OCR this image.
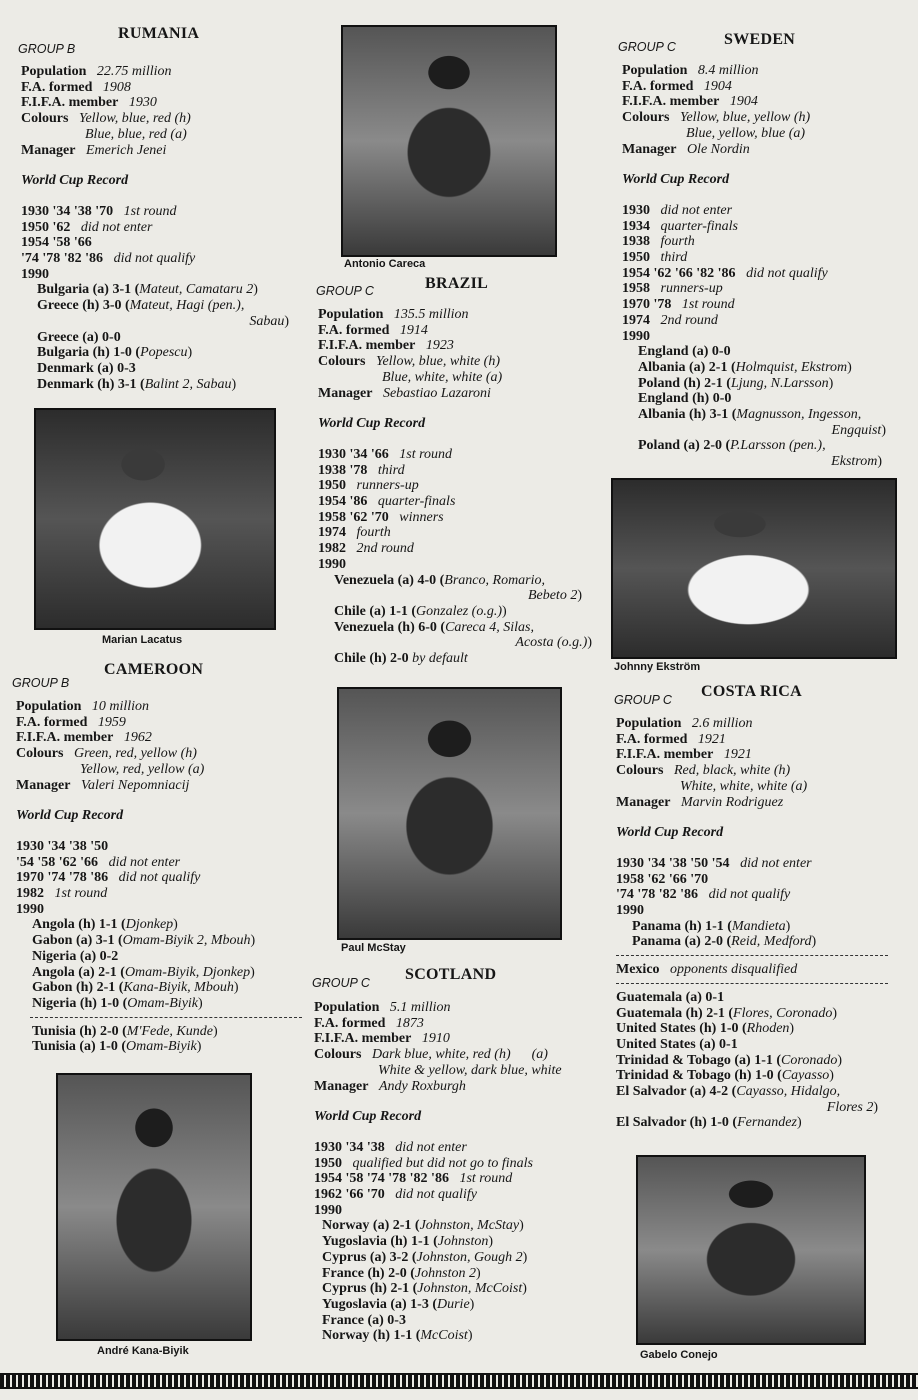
RUMANIA
GROUP B
Population 22.75 million
F.A. formed 1908
F.I.F.A. member 1930
Colours Yellow, blue, red (h)
Blue, blue, red (a)
Manager Emerich Jenei
World Cup Record
1930 '34 '38 '70 1st round
1950 '62 did not enter
1954 '58 '66
'74 '78 '82 '86 did not qualify
1990
Bulgaria (a) 3-1 (Mateut, Camataru 2)
Greece (h) 3-0 (Mateut, Hagi (pen.),
Sabau)
Greece (a) 0-0
Bulgaria (h) 1-0 (Popescu)
Denmark (a) 0-3
Denmark (h) 3-1 (Balint 2, Sabau)
Marian Lacatus
Antonio Careca
BRAZIL
GROUP C
Population 135.5 million
F.A. formed 1914
F.I.F.A. member 1923
Colours Yellow, blue, white (h)
Blue, white, white (a)
Manager Sebastiao Lazaroni
World Cup Record
1930 '34 '66 1st round
1938 '78 third
1950 runners-up
1954 '86 quarter-finals
1958 '62 '70 winners
1974 fourth
1982 2nd round
1990
Venezuela (a) 4-0 (Branco, Romario,
Bebeto 2)
Chile (a) 1-1 (Gonzalez (o.g.))
Venezuela (h) 6-0 (Careca 4, Silas,
Acosta (o.g.))
Chile (h) 2-0 by default
SWEDEN
GROUP C
Population 8.4 million
F.A. formed 1904
F.I.F.A. member 1904
Colours Yellow, blue, yellow (h)
Blue, yellow, blue (a)
Manager Ole Nordin
World Cup Record
1930 did not enter
1934 quarter-finals
1938 fourth
1950 third
1954 '62 '66 '82 '86 did not qualify
1958 runners-up
1970 '78 1st round
1974 2nd round
1990
England (a) 0-0
Albania (a) 2-1 (Holmquist, Ekstrom)
Poland (h) 2-1 (Ljung, N.Larsson)
England (h) 0-0
Albania (h) 3-1 (Magnusson, Ingesson,
Engquist)
Poland (a) 2-0 (P.Larsson (pen.),
Ekstrom)
Johnny Ekström
CAMEROON
GROUP B
Population 10 million
F.A. formed 1959
F.I.F.A. member 1962
Colours Green, red, yellow (h)
Yellow, red, yellow (a)
Manager Valeri Nepomniacij
World Cup Record
1930 '34 '38 '50
'54 '58 '62 '66 did not enter
1970 '74 '78 '86 did not qualify
1982 1st round
1990
Angola (h) 1-1 (Djonkep)
Gabon (a) 3-1 (Omam-Biyik 2, Mbouh)
Nigeria (a) 0-2
Angola (a) 2-1 (Omam-Biyik, Djonkep)
Gabon (h) 2-1 (Kana-Biyik, Mbouh)
Nigeria (h) 1-0 (Omam-Biyik)
Tunisia (h) 2-0 (M'Fede, Kunde)
Tunisia (a) 1-0 (Omam-Biyik)
André Kana-Biyik
Paul McStay
SCOTLAND
GROUP C
Population 5.1 million
F.A. formed 1873
F.I.F.A. member 1910
Colours Dark blue, white, red (h) (a)
White & yellow, dark blue, white
Manager Andy Roxburgh
World Cup Record
1930 '34 '38 did not enter
1950 qualified but did not go to finals
1954 '58 '74 '78 '82 '86 1st round
1962 '66 '70 did not qualify
1990
Norway (a) 2-1 (Johnston, McStay)
Yugoslavia (h) 1-1 (Johnston)
Cyprus (a) 3-2 (Johnston, Gough 2)
France (h) 2-0 (Johnston 2)
Cyprus (h) 2-1 (Johnston, McCoist)
Yugoslavia (a) 1-3 (Durie)
France (a) 0-3
Norway (h) 1-1 (McCoist)
COSTA RICA
GROUP C
Population 2.6 million
F.A. formed 1921
F.I.F.A. member 1921
Colours Red, black, white (h)
White, white, white (a)
Manager Marvin Rodriguez
World Cup Record
1930 '34 '38 '50 '54 did not enter
1958 '62 '66 '70
'74 '78 '82 '86 did not qualify
1990
Panama (h) 1-1 (Mandieta)
Panama (a) 2-0 (Reid, Medford)
Mexico opponents disqualified
Guatemala (a) 0-1
Guatemala (h) 2-1 (Flores, Coronado)
United States (h) 1-0 (Rhoden)
United States (a) 0-1
Trinidad & Tobago (a) 1-1 (Coronado)
Trinidad & Tobago (h) 1-0 (Cayasso)
El Salvador (a) 4-2 (Cayasso, Hidalgo,
Flores 2)
El Salvador (h) 1-0 (Fernandez)
Gabelo Conejo
